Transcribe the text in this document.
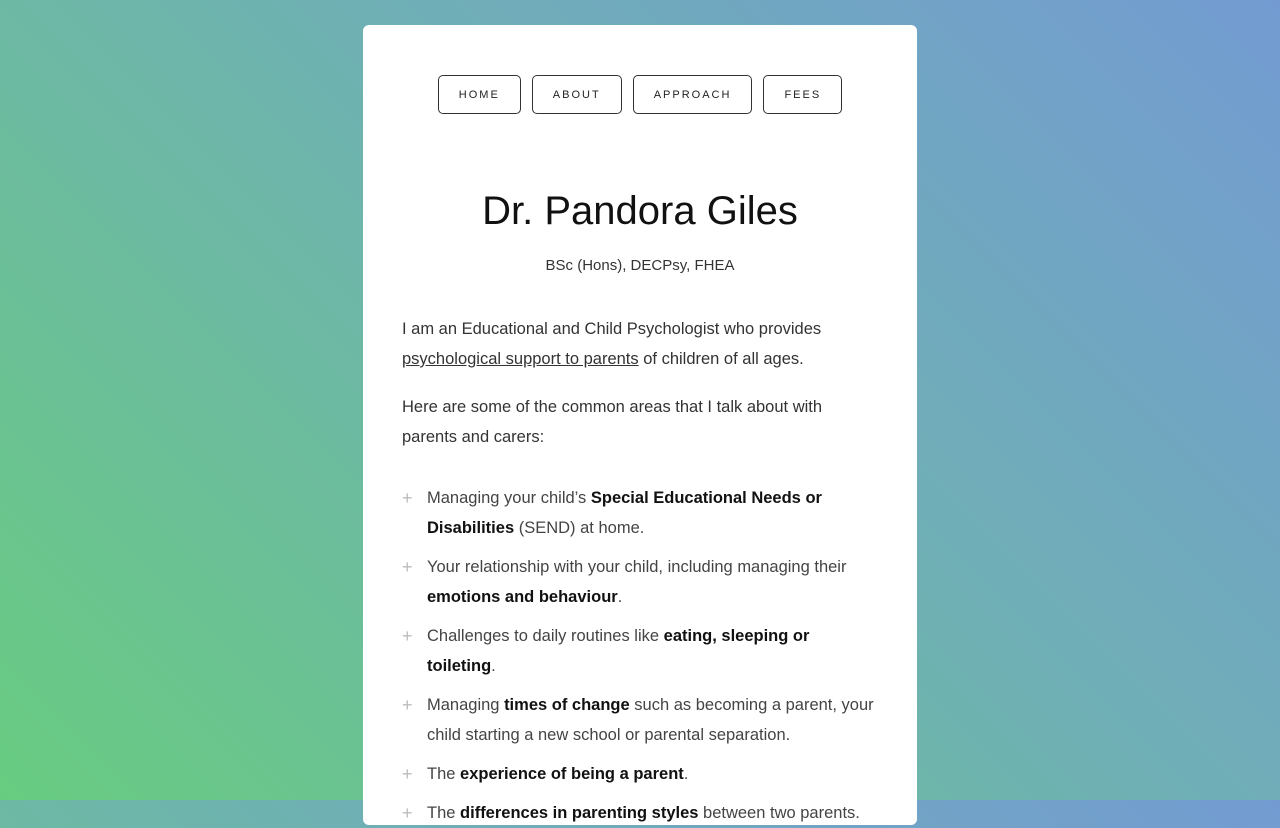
HOME	ABOUT	APPROACH	FEES
Dr. Pandora Giles
BSc (Hons), DECPsy, FHEA

I am an Educational and Child Psychologist who provides psychological support to parents of children of all ages.

Here are some of the common areas that I talk about with parents and carers:

+ Managing your child’s Special Educational Needs or Disabilities (SEND) at home.
+ Your relationship with your child, including managing their emotions and behaviour.
+ Challenges to daily routines like eating, sleeping or toileting.
+ Managing times of change such as becoming a parent, your child starting a new school or parental separation.
+ The experience of being a parent.
+ The differences in parenting styles between two parents.
